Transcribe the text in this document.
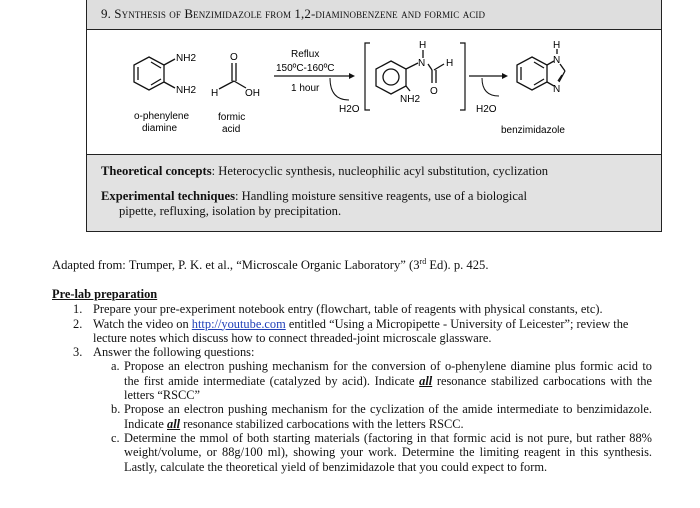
9. Synthesis of Benzimidazole from 1,2-diaminobenzene and formic acid
NH2
NH2
o-phenylene
diamine
O
H	OH
formic
acid
Reflux
150ºC-160ºC
1 hour
H2O
H
N H
O
NH2
H2O
H
N
N
benzimidazole

Theoretical concepts: Heterocyclic synthesis, nucleophilic acyl substitution, cyclization

Experimental techniques: Handling moisture sensitive reagents, use of a biological
pipette, refluxing, isolation by precipitation.

Adapted from: Trumper, P. K. et al., “Microscale Organic Laboratory” (3rd Ed). p. 425.
Pre-lab preparation
1. Prepare your pre-experiment notebook entry (flowchart, table of reagents with physical constants, etc).
2. Watch the video on http://youtube.com entitled “Using a Micropipette - University of Leicester”; review the lecture notes which discuss how to connect threaded-joint microscale glassware.
3. Answer the following questions:
a. Propose an electron pushing mechanism for the conversion of o-phenylene diamine plus formic acid to the first amide intermediate (catalyzed by acid). Indicate all resonance stabilized carbocations with the letters “RSCC”
b. Propose an electron pushing mechanism for the cyclization of the amide intermediate to benzimidazole. Indicate all resonance stabilized carbocations with the letters RSCC.
c. Determine the mmol of both starting materials (factoring in that formic acid is not pure, but rather 88% weight/volume, or 88g/100 ml), showing your work. Determine the limiting reagent in this synthesis. Lastly, calculate the theoretical yield of benzimidazole that you could expect to form.
